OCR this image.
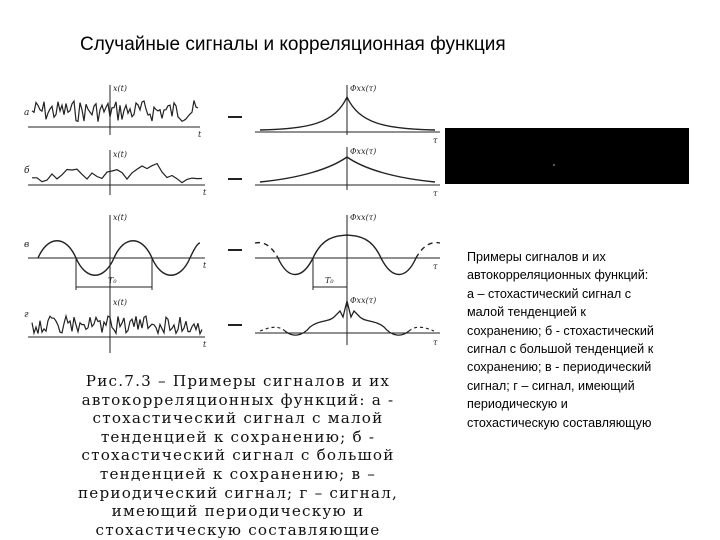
Случайные сигналы и корреляционная функция
а
б
в
г
x(t)
x(t)
x(t)
x(t)
Φxx(τ)
Φxx(τ)
Φxx(τ)
Φxx(τ)
T₀	T₀
t
τ
t	τ
t	τ
t	τ

Рис.7.3 – Примеры сигналов и их
автокорреляционных функций: а -
стохастический сигнал с малой
тенденцией к сохранению; б -
стохастический сигнал с большой
тенденцией к сохранению; в –
периодический сигнал; г – сигнал,
имеющий периодическую и
стохастическую составляющие

Примеры сигналов и их
автокорреляционных функций:
а – стохастический сигнал с
малой тенденцией к
сохранению; б - стохастический
сигнал с большой тенденцией к
сохранению; в - периодический
сигнал; г – сигнал, имеющий
периодическую и
стохастическую составляющую
